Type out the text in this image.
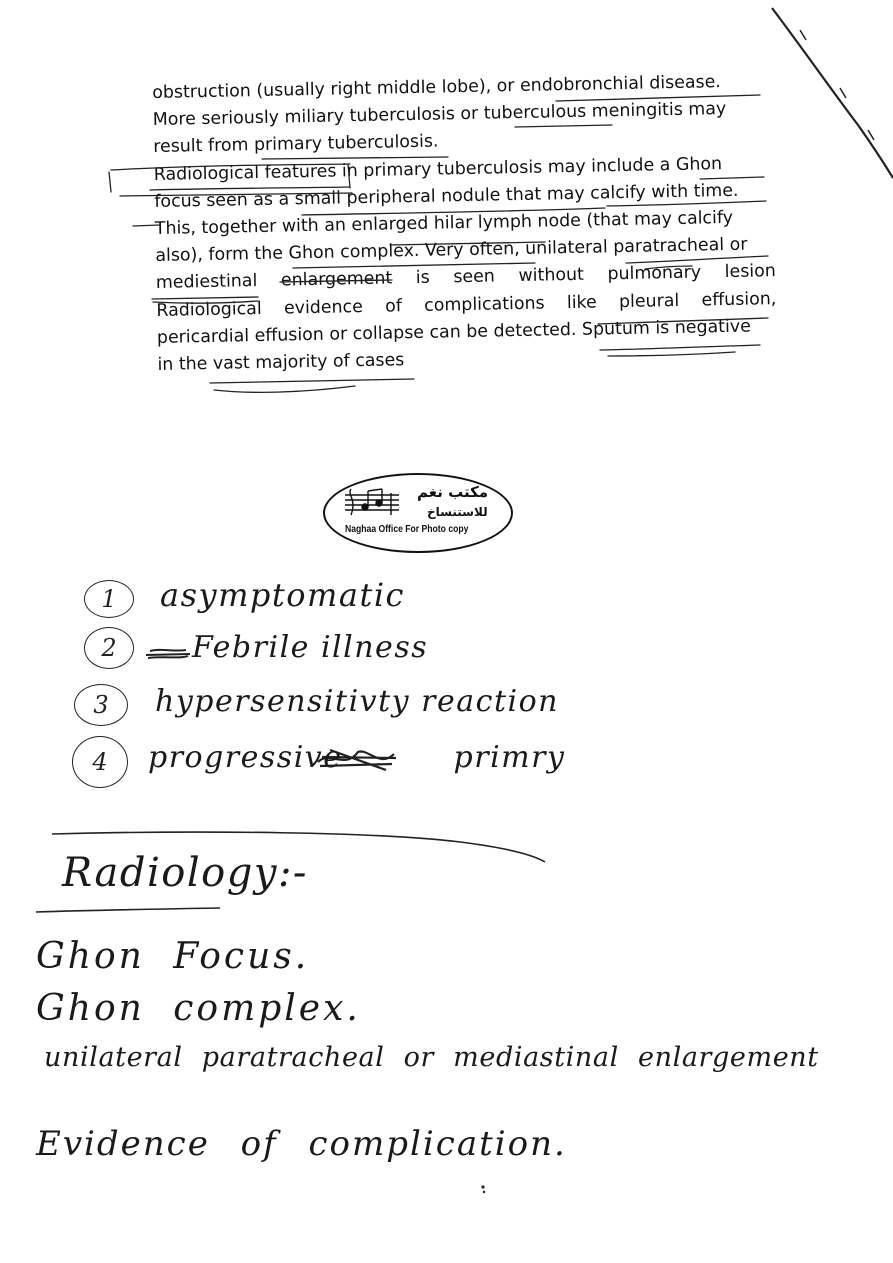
obstruction (usually right middle lobe), or endobronchial disease.
More seriously miliary tuberculosis or tuberculous meningitis may
result from primary tuberculosis.
Radiological features in primary tuberculosis may include a Ghon
focus seen as a small peripheral nodule that may calcify with time.
This, together with an enlarged hilar lymph node (that may calcify
also), form the Ghon complex. Very often, unilateral paratracheal or
mediestinal enlargement is seen without pulmonary lesion
Radiological evidence of complications like pleural effusion,
pericardial effusion or collapse can be detected. Sputum is negative
in the vast majority of cases
مكتب نغم
للاستنساخ
Naghaa Office For Photo copy
1	asymptomatic
2	Febrile illness
3	hypersensitivty reaction
4	progressive primry
Radiology:-
Ghon Focus.
Ghon complex.
unilateral paratracheal or mediastinal enlargement
Evidence of complication.
